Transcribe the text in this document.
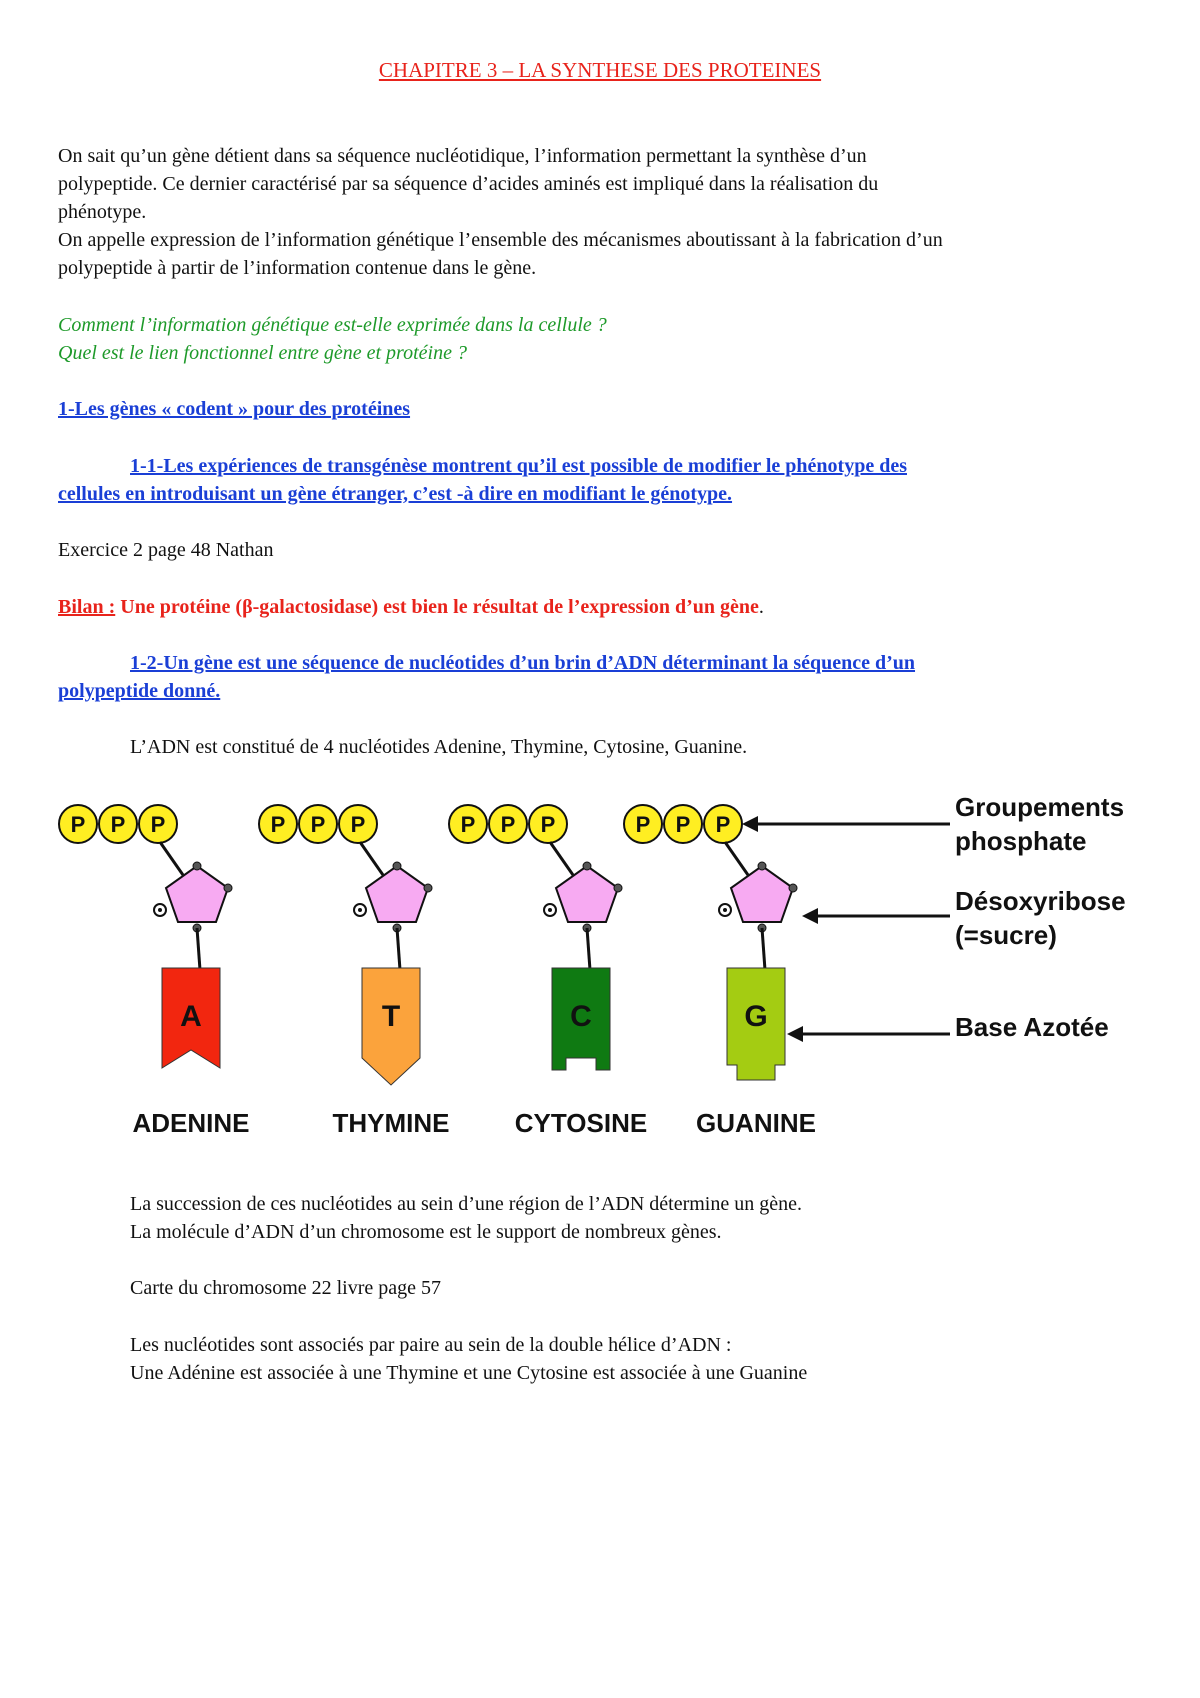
CHAPITRE 3 – LA SYNTHESE DES PROTEINES
On sait qu’un gène détient dans sa séquence nucléotidique, l’information permettant la synthèse d’un
polypeptide. Ce dernier caractérisé par sa séquence d’acides aminés est impliqué dans la réalisation du
phénotype.
On appelle expression de l’information génétique l’ensemble des mécanismes aboutissant à la fabrication d’un
polypeptide à partir de l’information contenue dans le gène.
Comment l’information génétique est-elle exprimée dans la cellule ?
Quel est le lien fonctionnel entre gène et protéine ?
1-Les gènes « codent » pour des protéines
1-1-Les expériences de transgénèse montrent qu’il est possible de modifier le phénotype des
cellules en introduisant un gène étranger, c’est -à dire en modifiant le génotype.
Exercice 2 page 48 Nathan
Bilan : Une protéine (β-galactosidase) est bien le résultat de l’expression d’un gène.
1-2-Un gène est une séquence de nucléotides d’un brin d’ADN déterminant la séquence d’un
polypeptide donné.
L’ADN est constitué de 4 nucléotides Adenine, Thymine, Cytosine, Guanine.
P P P
A
ADENINE
P P P
T
THYMINE
P P P
C
CYTOSINE
P P P
G
GUANINE
Groupements
phosphate
Désoxyribose
(=sucre)
Base Azotée
La succession de ces nucléotides au sein d’une région de l’ADN détermine un gène.
La molécule d’ADN d’un chromosome est le support de nombreux gènes.
Carte du chromosome 22 livre page 57
Les nucléotides sont associés par paire au sein de la double hélice d’ADN :
Une Adénine est associée à une Thymine et une Cytosine est associée à une Guanine
